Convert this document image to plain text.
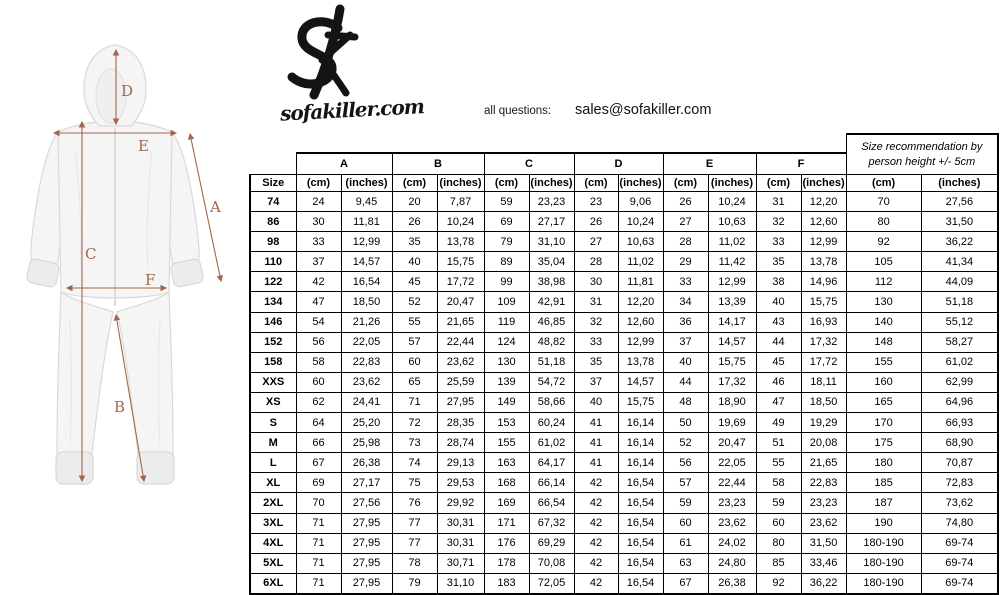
D
E
A
C
F
B
sofakiller.com	all questions: sales@sofakiller.com
													Size recommendation by person height +/- 5cm	
	A		B		C		D		E		F			
Size	(cm)	(inches)	(cm)	(inches)	(cm)	(inches)	(cm)	(inches)	(cm)	(inches)	(cm)	(inches)	(cm)	(inches)
74	24	9,45	20	7,87	59	23,23	23	9,06	26	10,24	31	12,20	70	27,56
86	30	11,81	26	10,24	69	27,17	26	10,24	27	10,63	32	12,60	80	31,50
98	33	12,99	35	13,78	79	31,10	27	10,63	28	11,02	33	12,99	92	36,22
110	37	14,57	40	15,75	89	35,04	28	11,02	29	11,42	35	13,78	105	41,34
122	42	16,54	45	17,72	99	38,98	30	11,81	33	12,99	38	14,96	112	44,09
134	47	18,50	52	20,47	109	42,91	31	12,20	34	13,39	40	15,75	130	51,18
146	54	21,26	55	21,65	119	46,85	32	12,60	36	14,17	43	16,93	140	55,12
152	56	22,05	57	22,44	124	48,82	33	12,99	37	14,57	44	17,32	148	58,27
158	58	22,83	60	23,62	130	51,18	35	13,78	40	15,75	45	17,72	155	61,02
XXS	60	23,62	65	25,59	139	54,72	37	14,57	44	17,32	46	18,11	160	62,99
XS	62	24,41	71	27,95	149	58,66	40	15,75	48	18,90	47	18,50	165	64,96
S	64	25,20	72	28,35	153	60,24	41	16,14	50	19,69	49	19,29	170	66,93
M	66	25,98	73	28,74	155	61,02	41	16,14	52	20,47	51	20,08	175	68,90
L	67	26,38	74	29,13	163	64,17	41	16,14	56	22,05	55	21,65	180	70,87
XL	69	27,17	75	29,53	168	66,14	42	16,54	57	22,44	58	22,83	185	72,83
2XL	70	27,56	76	29,92	169	66,54	42	16,54	59	23,23	59	23,23	187	73,62
3XL	71	27,95	77	30,31	171	67,32	42	16,54	60	23,62	60	23,62	190	74,80
4XL	71	27,95	77	30,31	176	69,29	42	16,54	61	24,02	80	31,50	180-190	69-74
5XL	71	27,95	78	30,71	178	70,08	42	16,54	63	24,80	85	33,46	180-190	69-74
6XL	71	27,95	79	31,10	183	72,05	42	16,54	67	26,38	92	36,22	180-190	69-74
